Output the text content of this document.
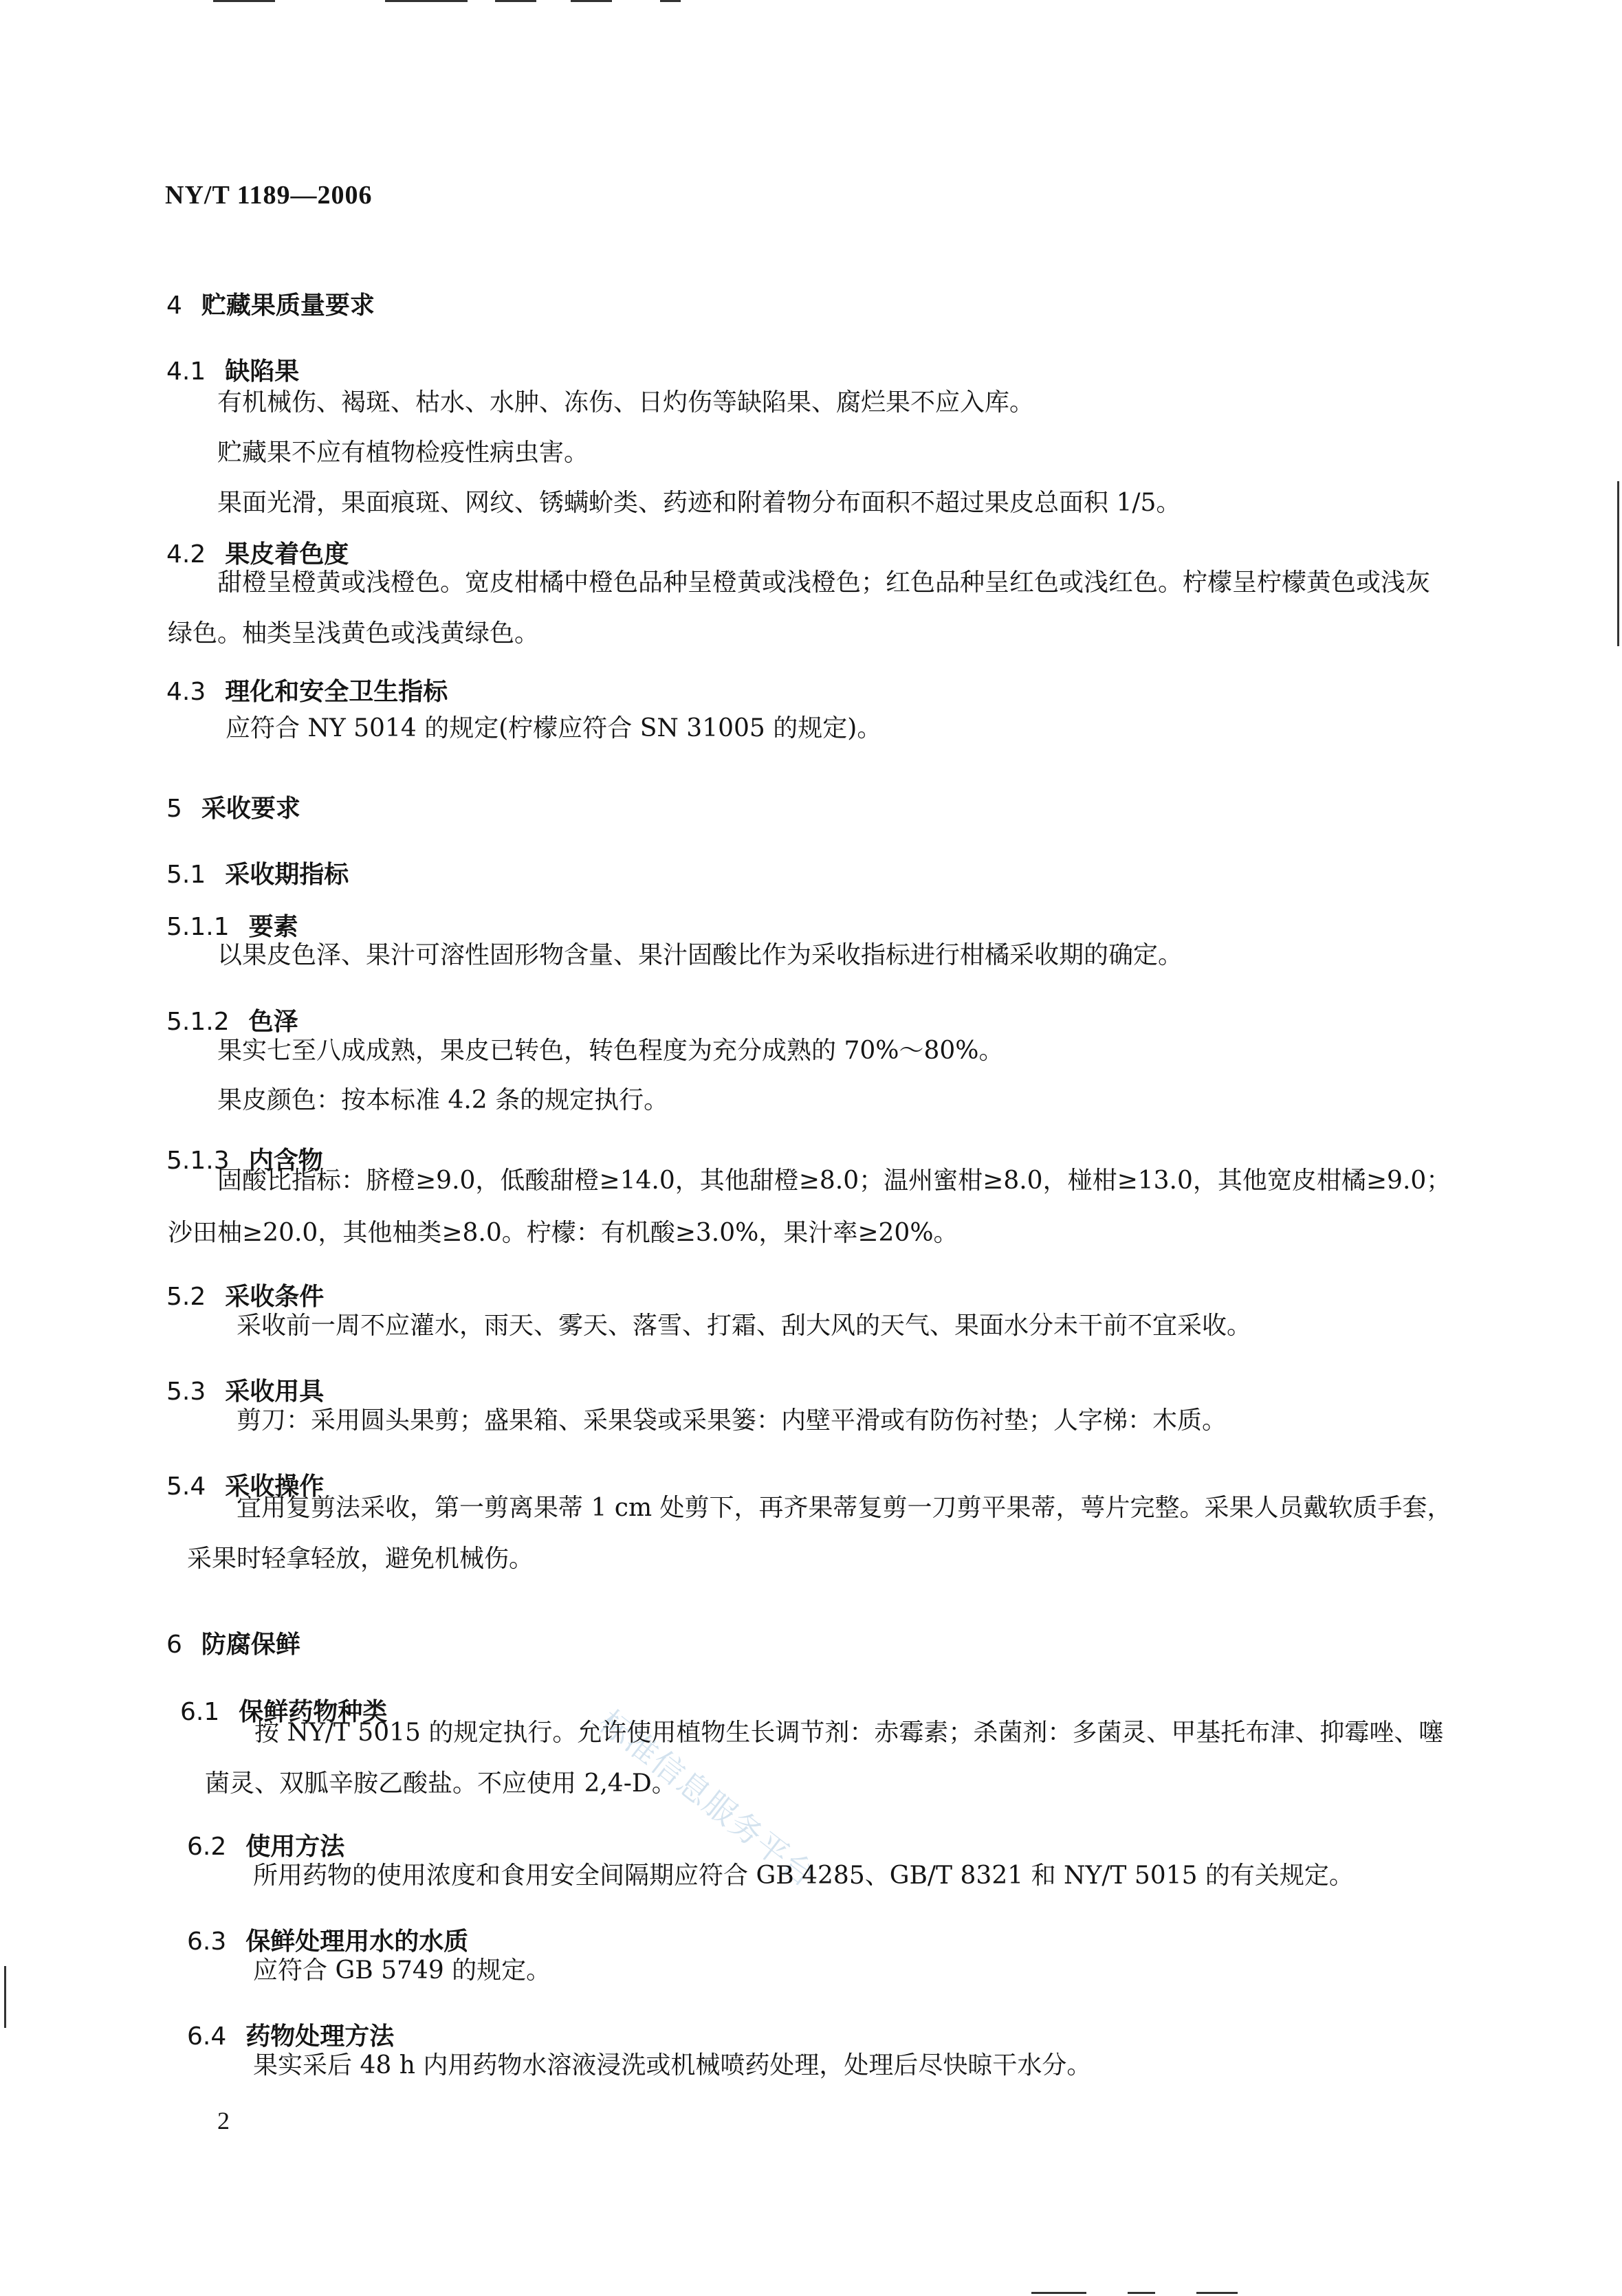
标准信息服务平台
NY/T 1189—2006
4 贮藏果质量要求
4.1 缺陷果
有机械伤、褐斑、枯水、水肿、冻伤、日灼伤等缺陷果、腐烂果不应入库。
贮藏果不应有植物检疫性病虫害。
果面光滑，果面痕斑、网纹、锈螨蚧类、药迹和附着物分布面积不超过果皮总面积 1/5。
4.2 果皮着色度
甜橙呈橙黄或浅橙色。宽皮柑橘中橙色品种呈橙黄或浅橙色；红色品种呈红色或浅红色。柠檬呈柠檬黄色或浅灰绿色。柚类呈浅黄色或浅黄绿色。
4.3 理化和安全卫生指标
应符合 NY 5014 的规定(柠檬应符合 SN 31005 的规定)。
5 采收要求
5.1 采收期指标
5.1.1 要素
以果皮色泽、果汁可溶性固形物含量、果汁固酸比作为采收指标进行柑橘采收期的确定。
5.1.2 色泽
果实七至八成成熟，果皮已转色，转色程度为充分成熟的 70%～80%。
果皮颜色：按本标准 4.2 条的规定执行。
5.1.3 内含物
固酸比指标：脐橙≥9.0，低酸甜橙≥14.0，其他甜橙≥8.0；温州蜜柑≥8.0，椪柑≥13.0，其他宽皮柑橘≥9.0；沙田柚≥20.0，其他柚类≥8.0。柠檬：有机酸≥3.0%，果汁率≥20%。
5.2 采收条件
采收前一周不应灌水，雨天、雾天、落雪、打霜、刮大风的天气、果面水分未干前不宜采收。
5.3 采收用具
剪刀：采用圆头果剪；盛果箱、采果袋或采果篓：内壁平滑或有防伤衬垫；人字梯：木质。
5.4 采收操作
宜用复剪法采收，第一剪离果蒂 1 cm 处剪下，再齐果蒂复剪一刀剪平果蒂，萼片完整。采果人员戴软质手套，采果时轻拿轻放，避免机械伤。
6 防腐保鲜
6.1 保鲜药物种类
按 NY/T 5015 的规定执行。允许使用植物生长调节剂：赤霉素；杀菌剂：多菌灵、甲基托布津、抑霉唑、噻菌灵、双胍辛胺乙酸盐。不应使用 2,4-D。
6.2 使用方法
所用药物的使用浓度和食用安全间隔期应符合 GB 4285、GB/T 8321 和 NY/T 5015 的有关规定。
6.3 保鲜处理用水的水质
应符合 GB 5749 的规定。
6.4 药物处理方法
果实采后 48 h 内用药物水溶液浸洗或机械喷药处理，处理后尽快晾干水分。
2
